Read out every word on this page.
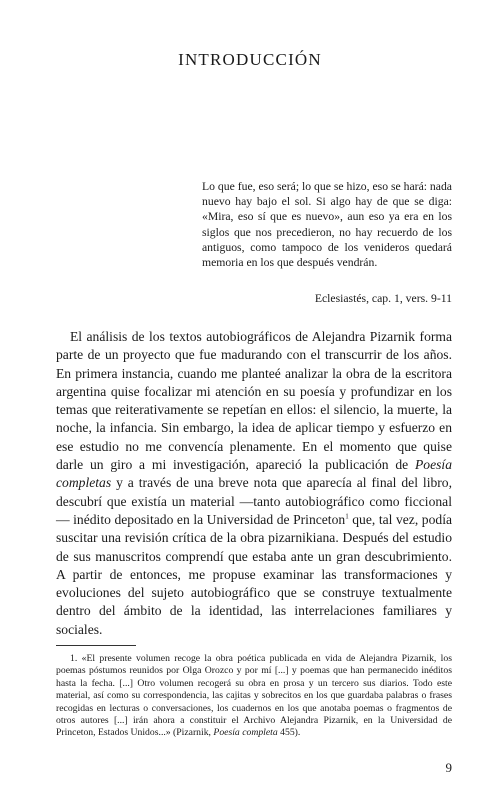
INTRODUCCIÓN
Lo que fue, eso será; lo que se hizo, eso se hará: nada nuevo hay bajo el sol. Si algo hay de que se diga: «Mira, eso sí que es nuevo», aun eso ya era en los siglos que nos precedieron, no hay recuerdo de los antiguos, como tampoco de los venideros quedará memoria en los que después vendrán.
Eclesiastés, cap. 1, vers. 9-11

El análisis de los textos autobiográficos de Alejandra Pizarnik forma parte de un proyecto que fue madurando con el transcurrir de los años. En primera instancia, cuando me planteé analizar la obra de la escritora argentina quise focalizar mi atención en su poesía y profundizar en los temas que reiterativamente se repetían en ellos: el silencio, la muerte, la noche, la infancia. Sin embargo, la idea de aplicar tiempo y esfuerzo en ese estudio no me convencía plenamente. En el momento que quise darle un giro a mi investigación, apareció la publicación de Poesía completas y a través de una breve nota que aparecía al final del libro, descubrí que existía un material —tanto autobiográfico como ficcional— inédito depositado en la Universidad de Princeton$^1$ que, tal vez, podía suscitar una revisión crítica de la obra pizarnikiana. Después del estudio de sus manuscritos comprendí que estaba ante un gran descubrimiento. A partir de entonces, me propuse examinar las transformaciones y evoluciones del sujeto autobiográfico que se construye textualmente dentro del ámbito de la identidad, las interrelaciones familiares y sociales.

1. «El presente volumen recoge la obra poética publicada en vida de Alejandra Pizarnik, los poemas póstumos reunidos por Olga Orozco y por mí [...] y poemas que han permanecido inéditos hasta la fecha. [...] Otro volumen recogerá su obra en prosa y un tercero sus diarios. Todo este material, así como su correspondencia, las cajitas y sobrecitos en los que guardaba palabras o frases recogidas en lecturas o conversaciones, los cuadernos en los que anotaba poemas o fragmentos de otros autores [...] irán ahora a constituir el Archivo Alejandra Pizarnik, en la Universidad de Princeton, Estados Unidos...» (Pizarnik, Poesía completa 455).
9
